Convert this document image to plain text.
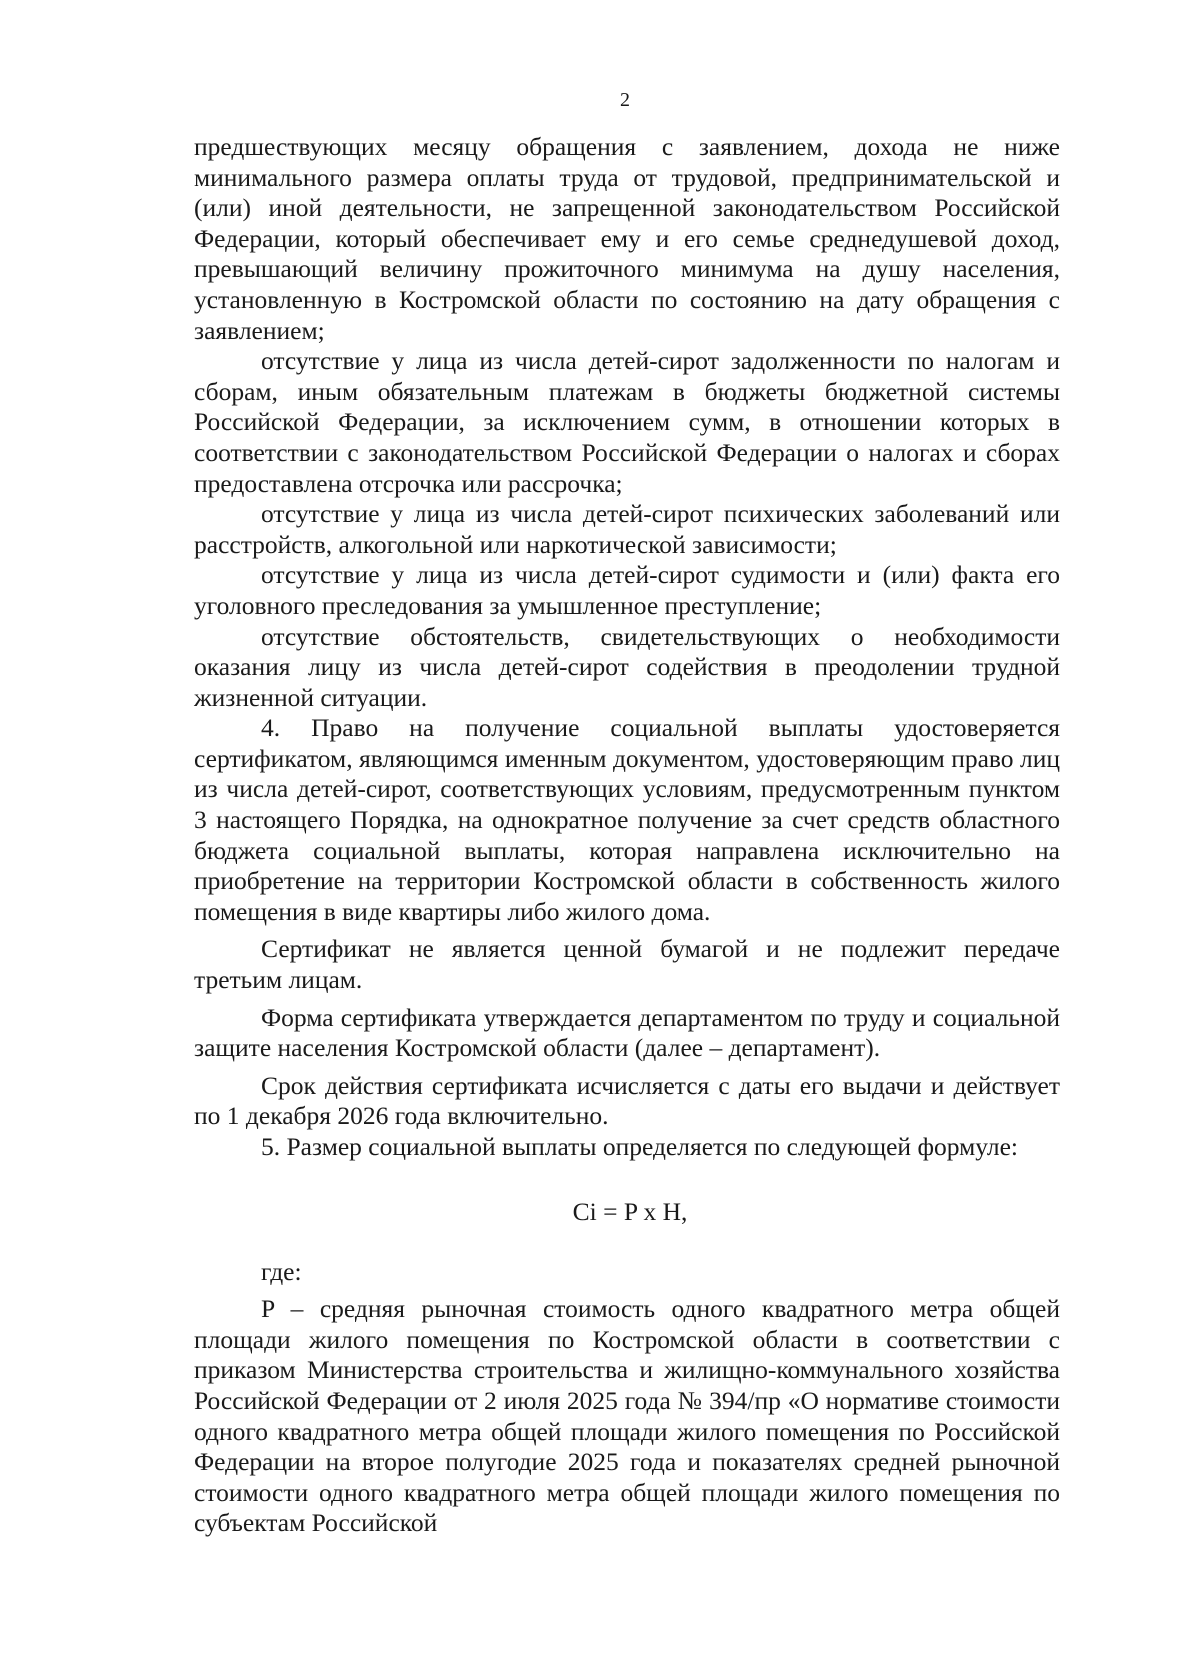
2

предшествующих месяцу обращения с заявлением, дохода не ниже минимального размера оплаты труда от трудовой, предпринимательской и (или) иной деятельности, не запрещенной законодательством Российской Федерации, который обеспечивает ему и его семье среднедушевой доход, превышающий величину прожиточного минимума на душу населения, установленную в Костромской области по состоянию на дату обращения с заявлением;

отсутствие у лица из числа детей-сирот задолженности по налогам и сборам, иным обязательным платежам в бюджеты бюджетной системы Российской Федерации, за исключением сумм, в отношении которых в соответствии с законодательством Российской Федерации о налогах и сборах предоставлена отсрочка или рассрочка;

отсутствие у лица из числа детей-сирот психических заболеваний или расстройств, алкогольной или наркотической зависимости;

отсутствие у лица из числа детей-сирот судимости и (или) факта его уголовного преследования за умышленное преступление;

отсутствие обстоятельств, свидетельствующих о необходимости оказания лицу из числа детей-сирот содействия в преодолении трудной жизненной ситуации.

4. Право на получение социальной выплаты удостоверяется сертификатом, являющимся именным документом, удостоверяющим право лиц из числа детей-сирот, соответствующих условиям, предусмотренным пунктом 3 настоящего Порядка, на однократное получение за счет средств областного бюджета социальной выплаты, которая направлена исключительно на приобретение на территории Костромской области в собственность жилого помещения в виде квартиры либо жилого дома.

Сертификат не является ценной бумагой и не подлежит передаче третьим лицам.

Форма сертификата утверждается департаментом по труду и социальной защите населения Костромской области (далее – департамент).

Срок действия сертификата исчисляется с даты его выдачи и действует по 1 декабря 2026 года включительно.

5. Размер социальной выплаты определяется по следующей формуле:

Ci = P x H,

где:

P – средняя рыночная стоимость одного квадратного метра общей площади жилого помещения по Костромской области в соответствии с приказом Министерства строительства и жилищно-коммунального хозяйства Российской Федерации от 2 июля 2025 года № 394/пр «О нормативе стоимости одного квадратного метра общей площади жилого помещения по Российской Федерации на второе полугодие 2025 года и показателях средней рыночной стоимости одного квадратного метра общей площади жилого помещения по субъектам Российской
